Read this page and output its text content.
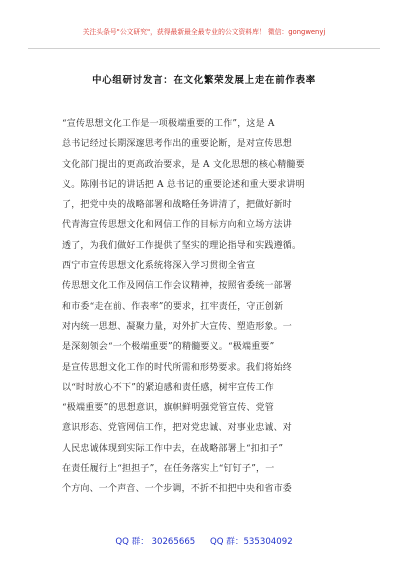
关注头条号"公文研究"，获得最新最全最专业的公文资料库！ 微信：gongwenyj
中心组研讨发言：在文化繁荣发展上走在前作表率
“宣传思想文化工作是一项极端重要的工作”，这是 A
总书记经过长期深邃思考作出的重要论断，是对宣传思想
文化部门提出的更高政治要求，是 A 文化思想的核心精髓要
义。陈刚书记的讲话把 A 总书记的重要论述和重大要求讲明
了，把党中央的战略部署和战略任务讲清了，把做好新时
代青海宣传思想文化和网信工作的目标方向和立场方法讲
透了，为我们做好工作提供了坚实的理论指导和实践遵循。
西宁市宣传思想文化系统将深入学习贯彻全省宣
传思想文化工作及网信工作会议精神，按照省委统一部署
和市委“走在前、作表率”的要求，扛牢责任，守正创新
对内统一思想、凝聚力量，对外扩大宣传、塑造形象。一
是深刻领会“一个极端重要”的精髓要义。“极端重要”
是宣传思想文化工作的时代所需和形势要求。我们将始终
以“时时放心不下”的紧迫感和责任感，树牢宣传工作
“极端重要”的思想意识，旗帜鲜明强党管宣传、党管
意识形态、党管网信工作，把对党忠诚、对事业忠诚、对
人民忠诚体现到实际工作中去，在战略部署上“扣扣子”
在责任履行上“担担子”，在任务落实上“钉钉子”，一
个方向、一个声音、一个步调，不折不扣把中央和省市委
QQ 群： 30265665 QQ 群：535304092
